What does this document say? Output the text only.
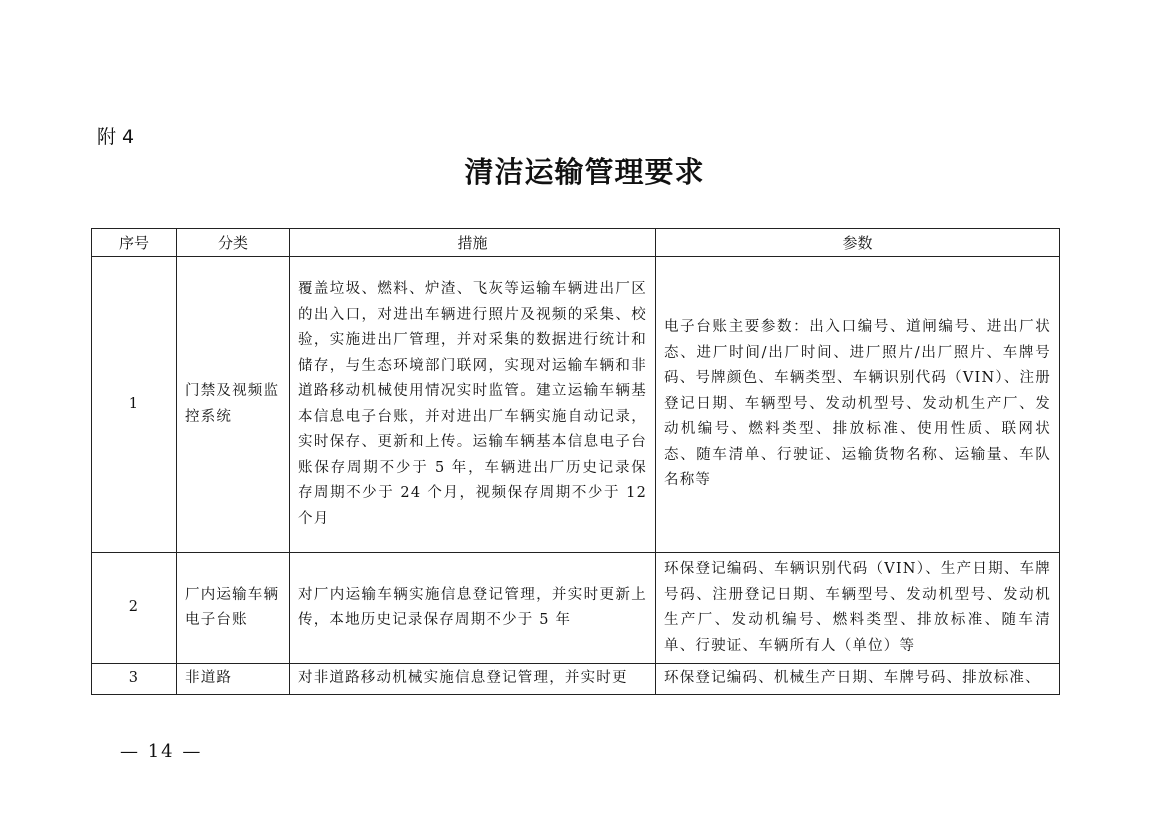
附 4
清洁运输管理要求
序号	分类	措施	参数
1	门禁及视频监控系统	覆盖垃圾、燃料、炉渣、飞灰等运输车辆进出厂区的出入口，对进出车辆进行照片及视频的采集、校验，实施进出厂管理，并对采集的数据进行统计和储存，与生态环境部门联网，实现对运输车辆和非道路移动机械使用情况实时监管。建立运输车辆基本信息电子台账，并对进出厂车辆实施自动记录，实时保存、更新和上传。运输车辆基本信息电子台账保存周期不少于 5 年，车辆进出厂历史记录保存周期不少于 24 个月，视频保存周期不少于 12 个月	电子台账主要参数：出入口编号、道闸编号、进出厂状态、进厂时间/出厂时间、进厂照片/出厂照片、车牌号码、号牌颜色、车辆类型、车辆识别代码（VIN）、注册登记日期、车辆型号、发动机型号、发动机生产厂、发动机编号、燃料类型、排放标准、使用性质、联网状态、随车清单、行驶证、运输货物名称、运输量、车队名称等
2	厂内运输车辆电子台账	对厂内运输车辆实施信息登记管理，并实时更新上传，本地历史记录保存周期不少于 5 年	环保登记编码、车辆识别代码（VIN）、生产日期、车牌号码、注册登记日期、车辆型号、发动机型号、发动机生产厂、发动机编号、燃料类型、排放标准、随车清单、行驶证、车辆所有人（单位）等
3	非道路	对非道路移动机械实施信息登记管理，并实时更	环保登记编码、机械生产日期、车牌号码、排放标准、
— 14 —
